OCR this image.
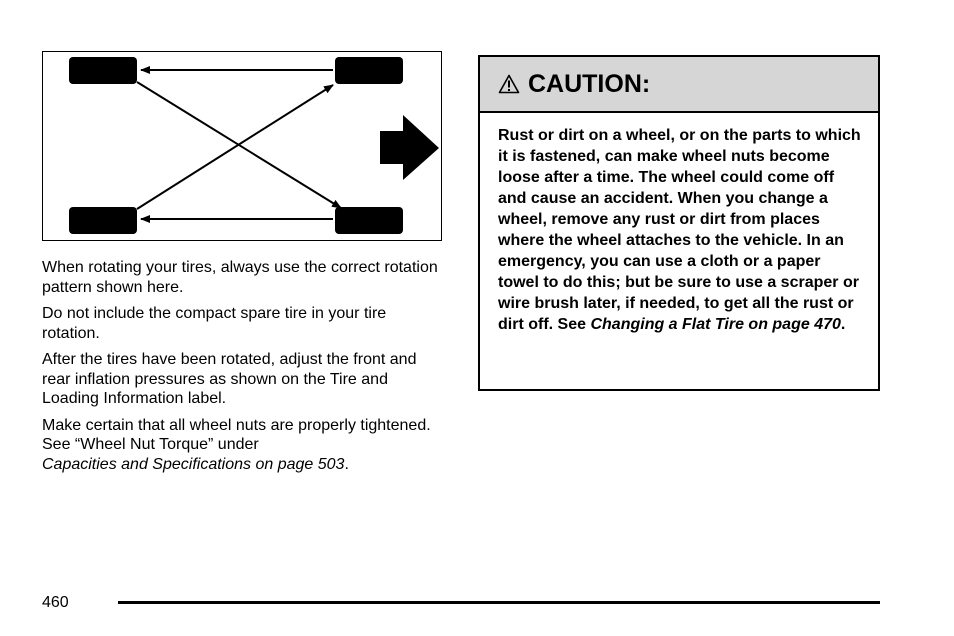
When rotating your tires, always use the correct rotation pattern shown here.

Do not include the compact spare tire in your tire rotation.

After the tires have been rotated, adjust the front and rear inflation pressures as shown on the Tire and Loading Information label.

Make certain that all wheel nuts are properly tightened. See “Wheel Nut Torque” under
Capacities and Specifications on page 503.

CAUTION:
Rust or dirt on a wheel, or on the parts to which it is fastened, can make wheel nuts become loose after a time. The wheel could come off and cause an accident. When you change a wheel, remove any rust or dirt from places where the wheel attaches to the vehicle. In an emergency, you can use a cloth or a paper towel to do this; but be sure to use a scraper or wire brush later, if needed, to get all the rust or dirt off. See Changing a Flat Tire on page 470.
460
